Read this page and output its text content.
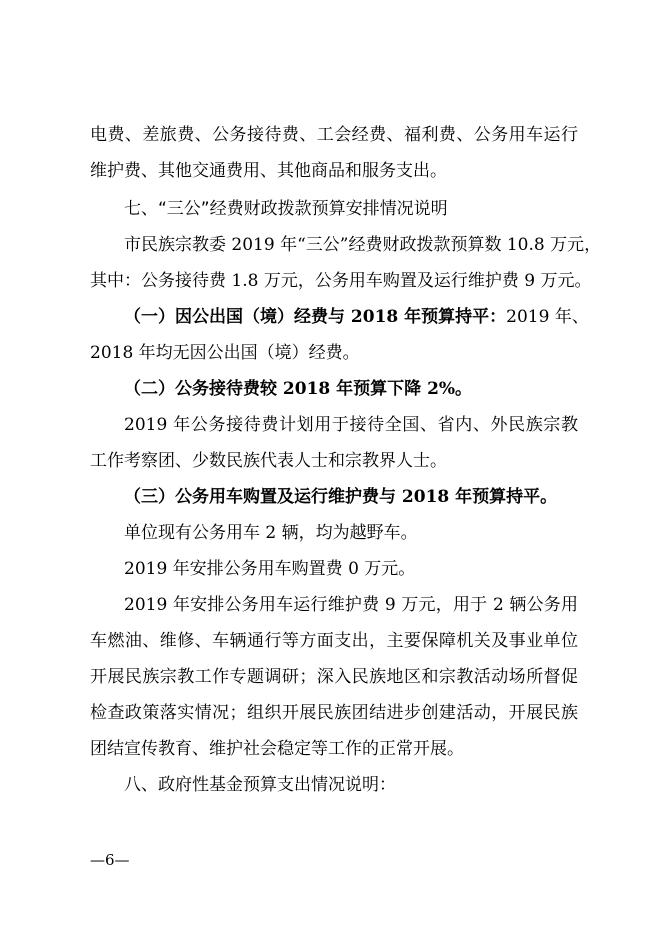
电费、差旅费、公务接待费、工会经费、福利费、公务用车运行
维护费、其他交通费用、其他商品和服务支出。
七、“三公”经费财政拨款预算安排情况说明
市民族宗教委 2019 年“三公”经费财政拨款预算数 10.8 万元，
其中：公务接待费 1.8 万元，公务用车购置及运行维护费 9 万元。
（一）因公出国（境）经费与 2018 年预算持平：2019 年、
2018 年均无因公出国（境）经费。
（二）公务接待费较 2018 年预算下降 2%。
2019 年公务接待费计划用于接待全国、省内、外民族宗教
工作考察团、少数民族代表人士和宗教界人士。
（三）公务用车购置及运行维护费与 2018 年预算持平。
单位现有公务用车 2 辆，均为越野车。
2019 年安排公务用车购置费 0 万元。
2019 年安排公务用车运行维护费 9 万元，用于 2 辆公务用
车燃油、维修、车辆通行等方面支出，主要保障机关及事业单位
开展民族宗教工作专题调研；深入民族地区和宗教活动场所督促
检查政策落实情况；组织开展民族团结进步创建活动，开展民族
团结宣传教育、维护社会稳定等工作的正常开展。
八、政府性基金预算支出情况说明：
—6—
